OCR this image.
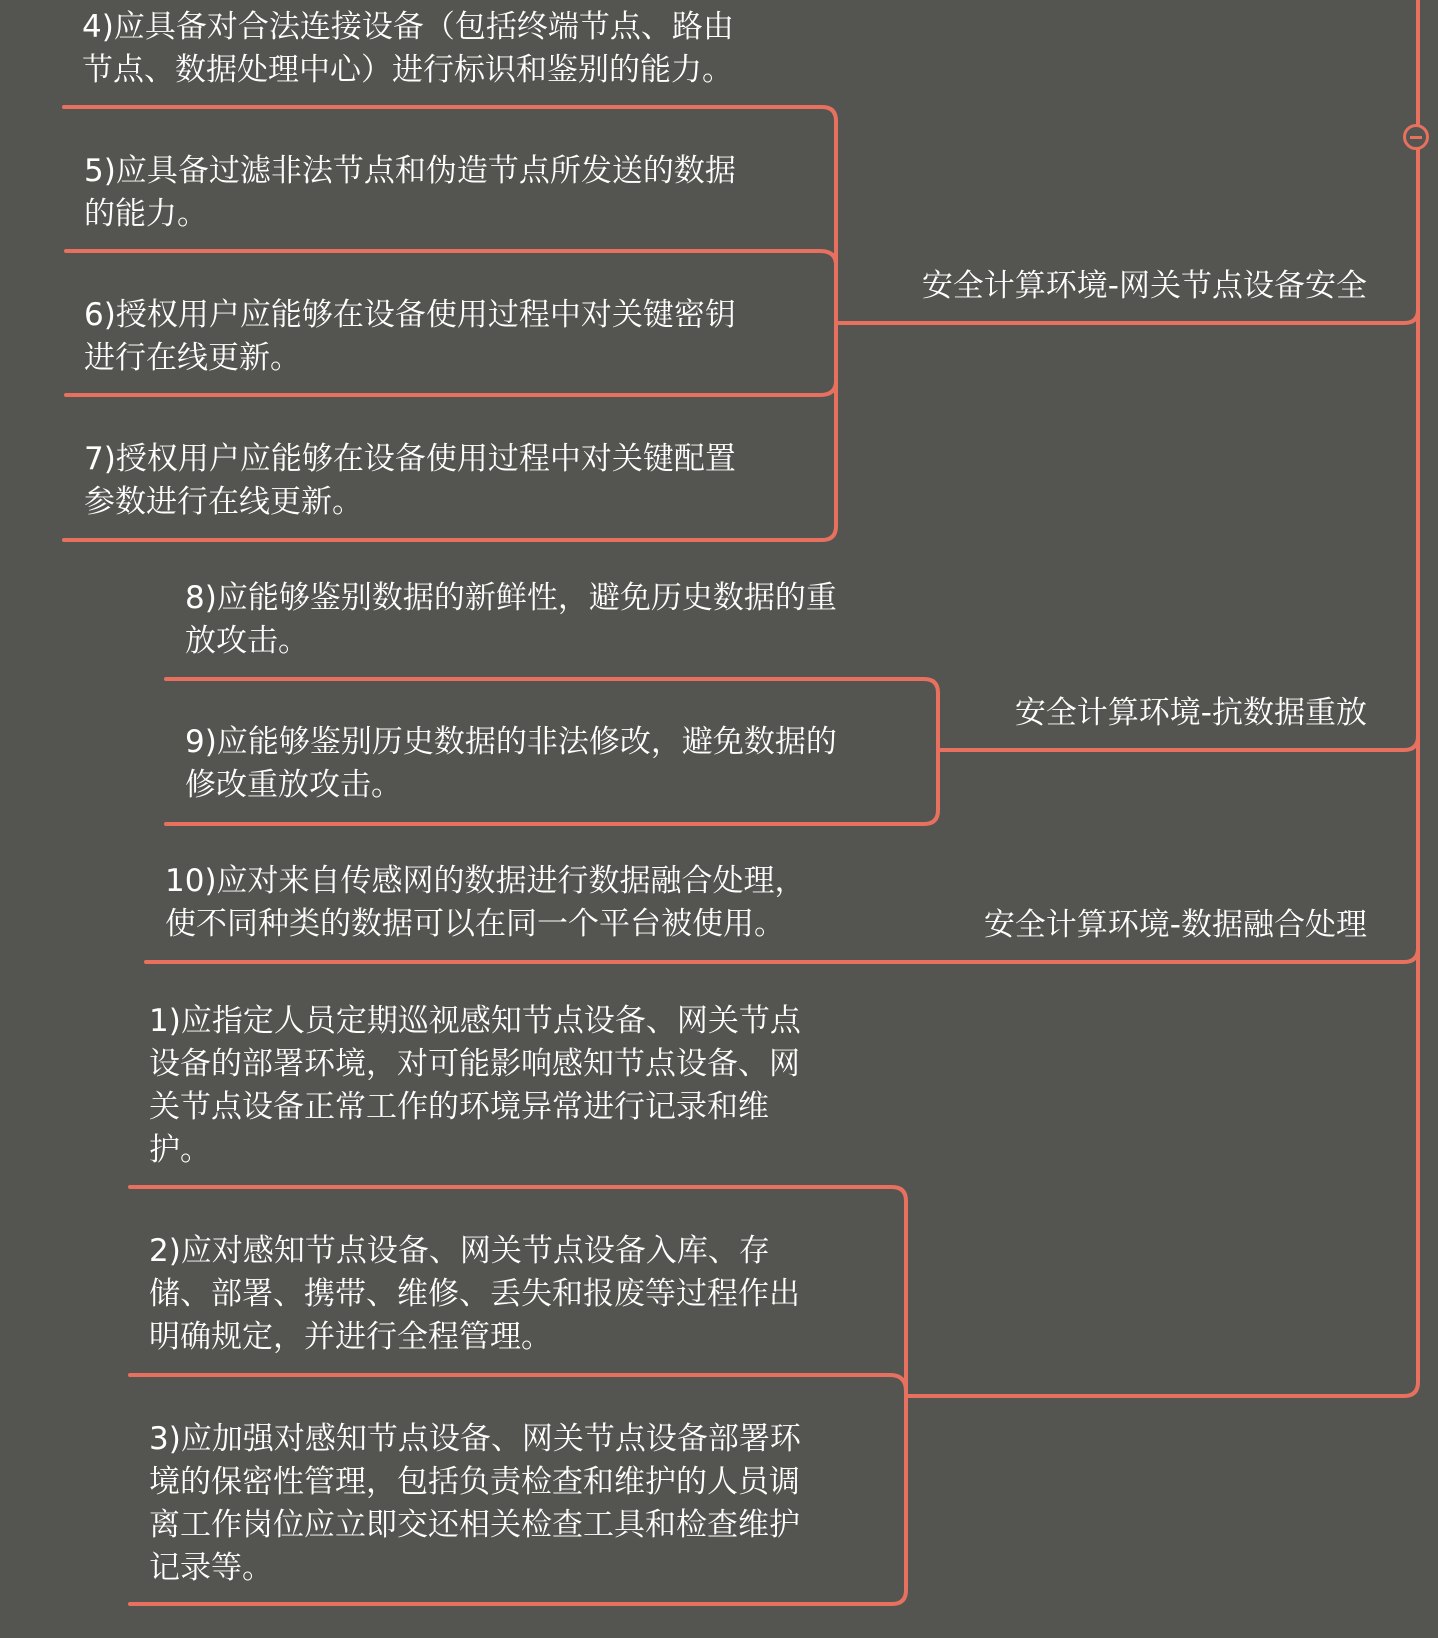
安全计算环境-网关节点设备安全
安全计算环境-抗数据重放
安全计算环境-数据融合处理
4)应具备对合法连接设备（包括终端节点、路由
节点、数据处理中心）进行标识和鉴别的能力。
5)应具备过滤非法节点和伪造节点所发送的数据
的能力。
6)授权用户应能够在设备使用过程中对关键密钥
进行在线更新。
7)授权用户应能够在设备使用过程中对关键配置
参数进行在线更新。
8)应能够鉴别数据的新鲜性，避免历史数据的重
放攻击。
9)应能够鉴别历史数据的非法修改，避免数据的
修改重放攻击。
10)应对来自传感网的数据进行数据融合处理，
使不同种类的数据可以在同一个平台被使用。
1)应指定人员定期巡视感知节点设备、网关节点
设备的部署环境，对可能影响感知节点设备、网
关节点设备正常工作的环境异常进行记录和维
护。
2)应对感知节点设备、网关节点设备入库、存
储、部署、携带、维修、丢失和报废等过程作出
明确规定，并进行全程管理。
3)应加强对感知节点设备、网关节点设备部署环
境的保密性管理，包括负责检查和维护的人员调
离工作岗位应立即交还相关检查工具和检查维护
记录等。
